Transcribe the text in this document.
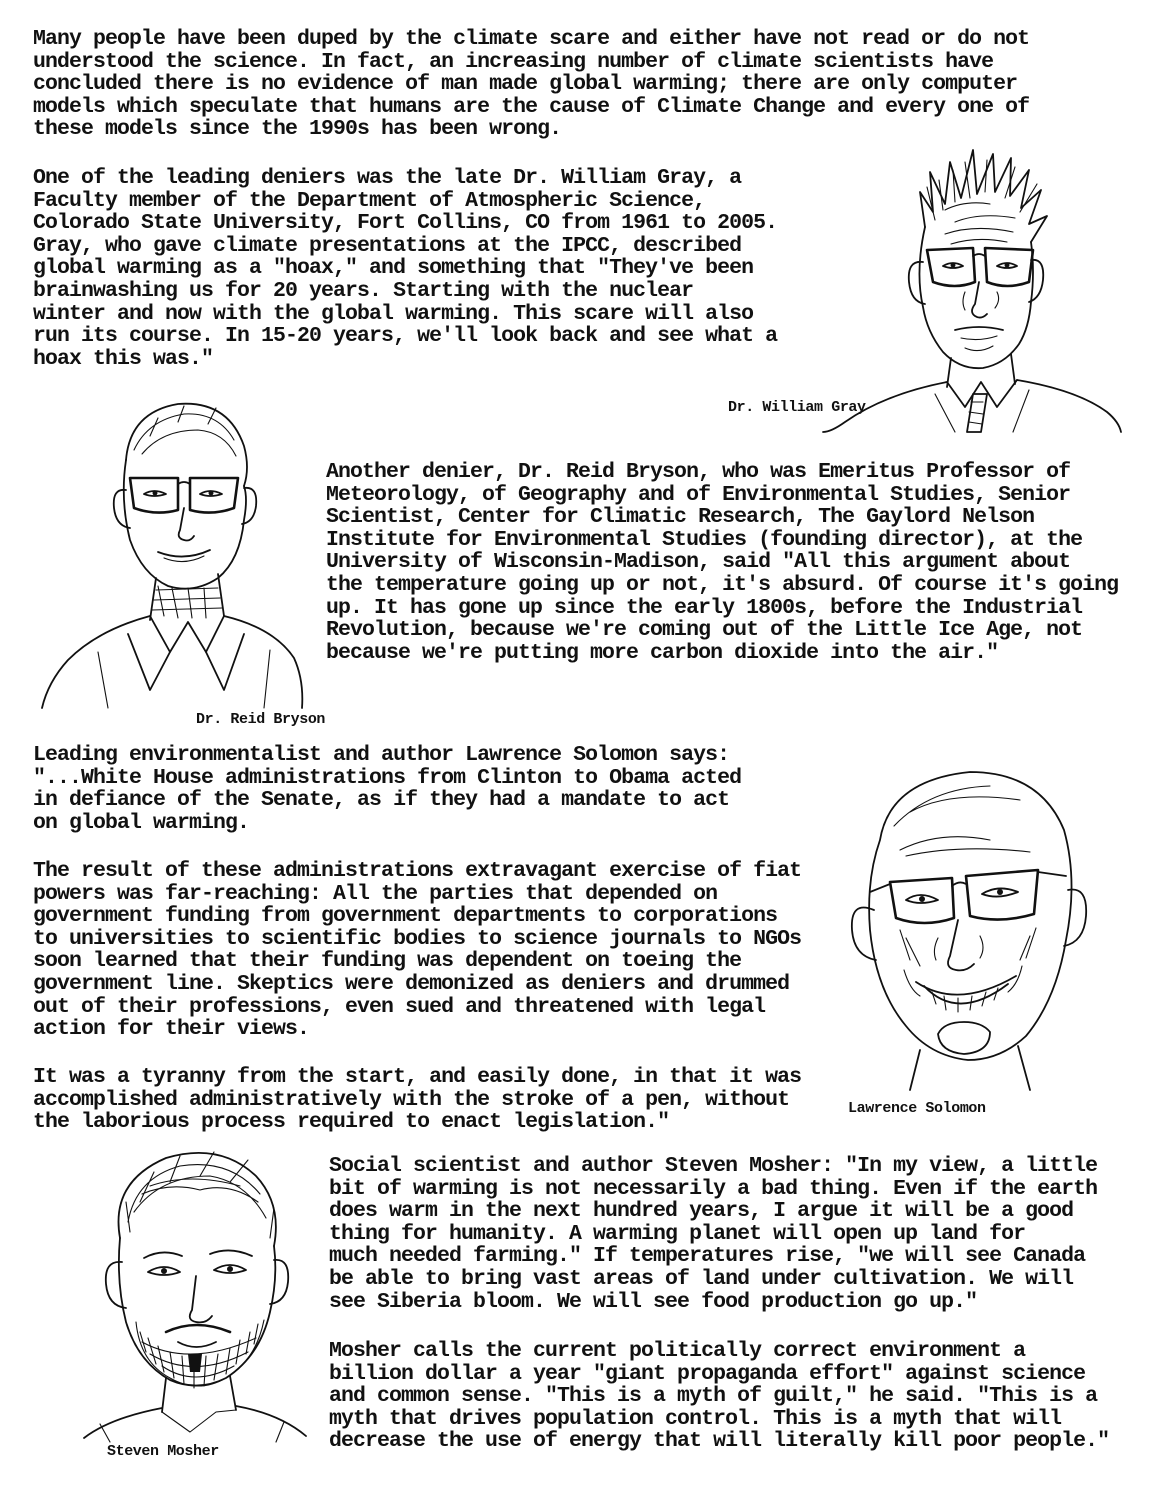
Many people have been duped by the climate scare and either have not read or do not
understood the science. In fact, an increasing number of climate scientists have
concluded there is no evidence of man made global warming; there are only computer
models which speculate that humans are the cause of Climate Change and every one of
these models since the 1990s has been wrong.

One of the leading deniers was the late Dr. William Gray, a
Faculty member of the Department of Atmospheric Science,
Colorado State University, Fort Collins, CO from 1961 to 2005.
Gray, who gave climate presentations at the IPCC, described
global warming as a "hoax," and something that "They've been
brainwashing us for 20 years. Starting with the nuclear
winter and now with the global warming. This scare will also
run its course. In 15-20 years, we'll look back and see what a
hoax this was."

Dr. William Gray

Dr. Reid Bryson

Another denier, Dr. Reid Bryson, who was Emeritus Professor of
Meteorology, of Geography and of Environmental Studies, Senior
Scientist, Center for Climatic Research, The Gaylord Nelson
Institute for Environmental Studies (founding director), at the
University of Wisconsin-Madison, said "All this argument about
the temperature going up or not, it's absurd. Of course it's going
up. It has gone up since the early 1800s, before the Industrial
Revolution, because we're coming out of the Little Ice Age, not
because we're putting more carbon dioxide into the air."

Leading environmentalist and author Lawrence Solomon says:
"...White House administrations from Clinton to Obama acted
in defiance of the Senate, as if they had a mandate to act
on global warming.

The result of these administrations extravagant exercise of fiat
powers was far-reaching: All the parties that depended on
government funding from government departments to corporations
to universities to scientific bodies to science journals to NGOs
soon learned that their funding was dependent on toeing the
government line. Skeptics were demonized as deniers and drummed
out of their professions, even sued and threatened with legal
action for their views.

It was a tyranny from the start, and easily done, in that it was
accomplished administratively with the stroke of a pen, without
the laborious process required to enact legislation."

Lawrence Solomon

Steven Mosher

Social scientist and author Steven Mosher: "In my view, a little
bit of warming is not necessarily a bad thing. Even if the earth
does warm in the next hundred years, I argue it will be a good
thing for humanity. A warming planet will open up land for
much needed farming." If temperatures rise, "we will see Canada
be able to bring vast areas of land under cultivation. We will
see Siberia bloom. We will see food production go up."

Mosher calls the current politically correct environment a
billion dollar a year "giant propaganda effort" against science
and common sense. "This is a myth of guilt," he said. "This is a
myth that drives population control. This is a myth that will
decrease the use of energy that will literally kill poor people."
